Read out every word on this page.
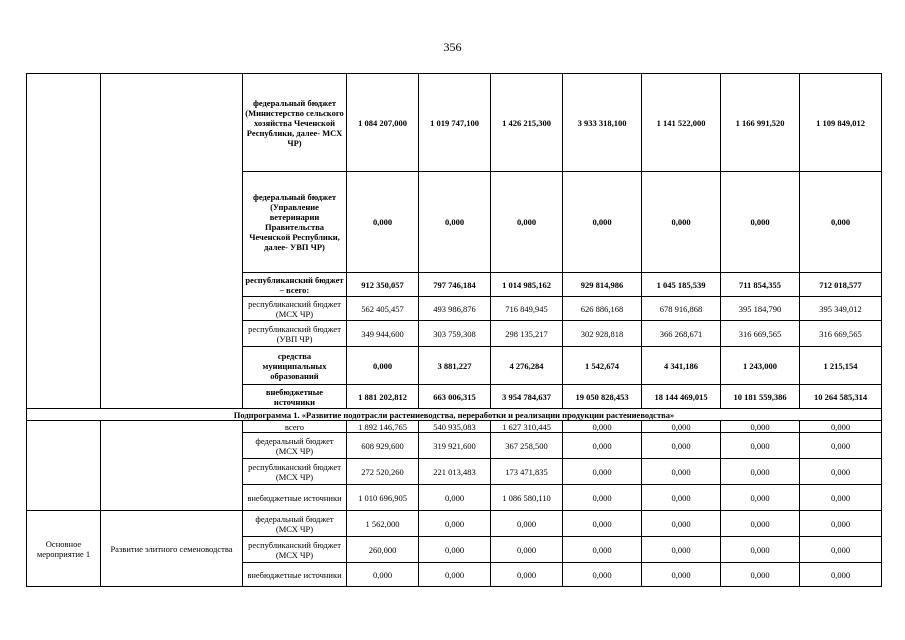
356
		федеральный бюджет (Министерство сельского хозяйства Чеченской Республики, далее- МСХ ЧР)	1 084 207,000	1 019 747,100	1 426 215,300	3 933 318,100	1 141 522,000	1 166 991,520	1 109 849,012
		федеральный бюджет (Управление ветеринарии Правительства Чеченской Республики, далее- УВП ЧР)	0,000	0,000	0,000	0,000	0,000	0,000	0,000
		республиканский бюджет – всего:	912 350,057	797 746,184	1 014 985,162	929 814,986	1 045 185,539	711 854,355	712 018,577
		республиканский бюджет (МСХ ЧР)	562 405,457	493 986,876	716 849,945	626 886,168	678 916,868	395 184,790	395 349,012
		республиканский бюджет (УВП ЧР)	349 944,600	303 759,308	298 135,217	302 928,818	366 268,671	316 669,565	316 669,565
		средства муниципальных образований	0,000	3 881,227	4 276,284	1 542,674	4 341,186	1 243,000	1 215,154
		внебюджетные источники	1 881 202,812	663 006,315	3 954 784,637	19 050 828,453	18 144 469,015	10 181 559,386	10 264 585,314
Подпрограмма 1. «Развитие подотрасли растениеводства, переработки и реализации продукции растениеводства»									
		всего	1 892 146,765	540 935,083	1 627 310,445	0,000	0,000	0,000	0,000
		федеральный бюджет (МСХ ЧР)	608 929,600	319 921,600	367 258,500	0,000	0,000	0,000	0,000
		республиканский бюджет (МСХ ЧР)	272 520,260	221 013,483	173 471,835	0,000	0,000	0,000	0,000
		внебюджетные источники	1 010 696,905	0,000	1 086 580,110	0,000	0,000	0,000	0,000
Основное мероприятие 1	Развитие элитного семеноводства	федеральный бюджет (МСХ ЧР)	1 562,000	0,000	0,000	0,000	0,000	0,000	0,000
		республиканский бюджет (МСХ ЧР)	260,000	0,000	0,000	0,000	0,000	0,000	0,000
		внебюджетные источники	0,000	0,000	0,000	0,000	0,000	0,000	0,000
